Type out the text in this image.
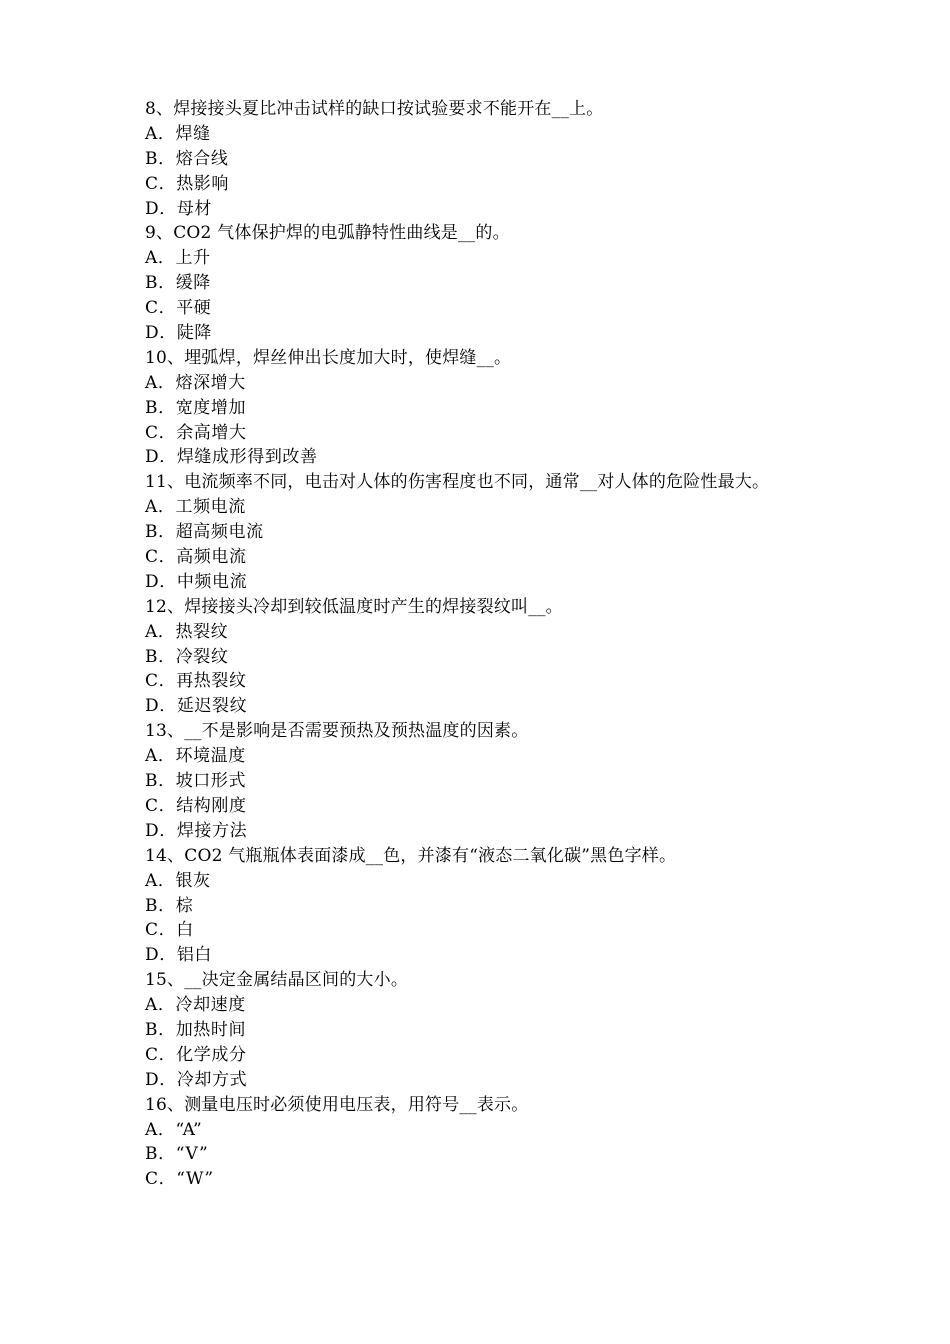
8、焊接接头夏比冲击试样的缺口按试验要求不能开在__上。
A．焊缝
B．熔合线
C．热影响
D．母材
9、CO2 气体保护焊的电弧静特性曲线是__的。
A．上升
B．缓降
C．平硬
D．陡降
10、埋弧焊，焊丝伸出长度加大时，使焊缝__。
A．熔深增大
B．宽度增加
C．余高增大
D．焊缝成形得到改善
11、电流频率不同，电击对人体的伤害程度也不同，通常__对人体的危险性最大。
A．工频电流
B．超高频电流
C．高频电流
D．中频电流
12、焊接接头冷却到较低温度时产生的焊接裂纹叫__。
A．热裂纹
B．冷裂纹
C．再热裂纹
D．延迟裂纹
13、__不是影响是否需要预热及预热温度的因素。
A．环境温度
B．坡口形式
C．结构刚度
D．焊接方法
14、CO2 气瓶瓶体表面漆成__色，并漆有“液态二氧化碳”黑色字样。
A．银灰
B．棕
C．白
D．铝白
15、__决定金属结晶区间的大小。
A．冷却速度
B．加热时间
C．化学成分
D．冷却方式
16、测量电压时必须使用电压表，用符号__表示。
A．“A”
B．“V”
C．“W”
